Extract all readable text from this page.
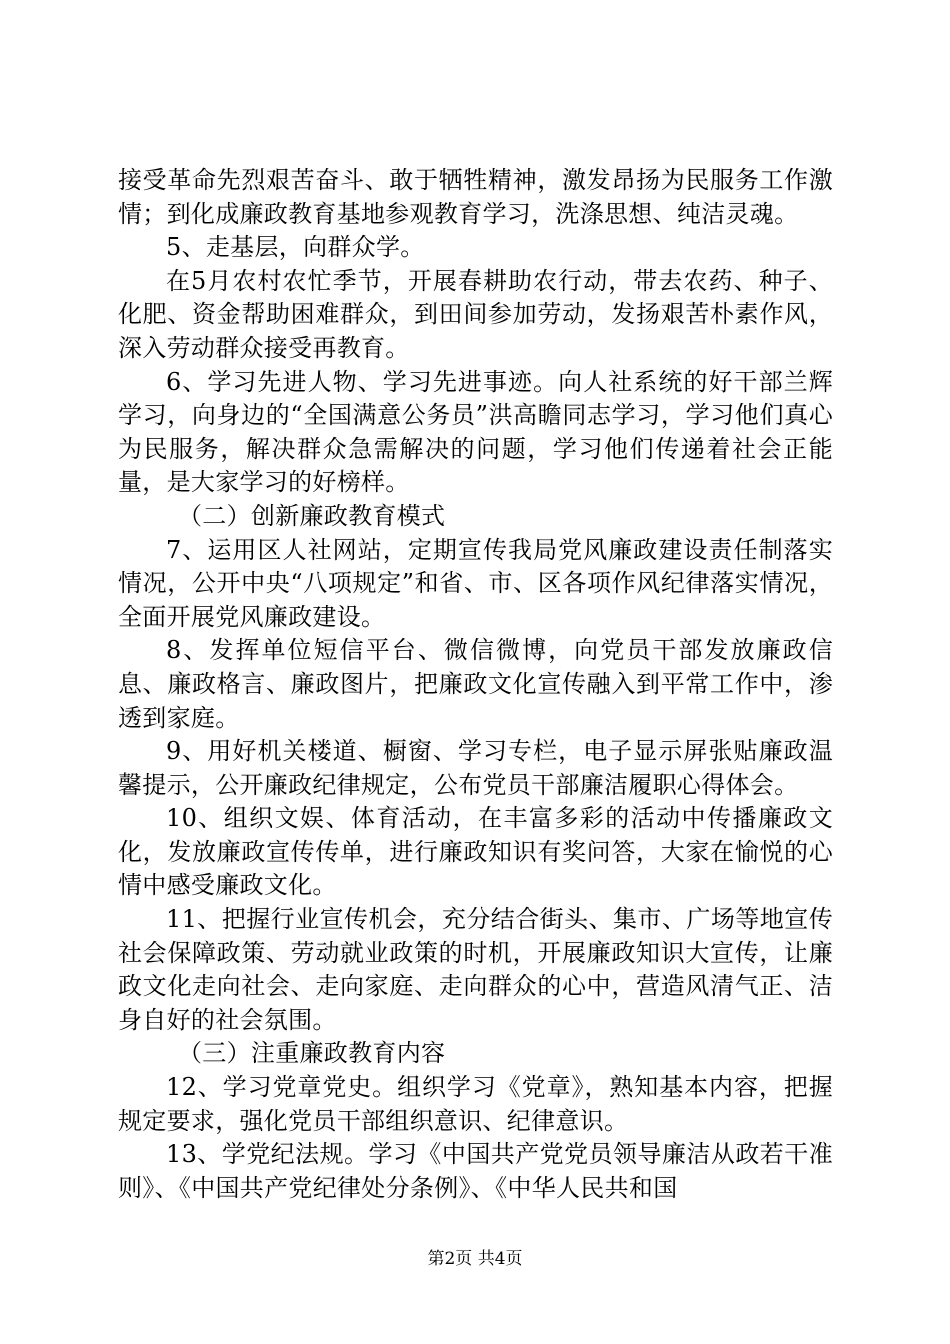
接受革命先烈艰苦奋斗、敢于牺牲精神，激发昂扬为民服务工作激情；到化成廉政教育基地参观教育学习，洗涤思想、纯洁灵魂。

5、走基层，向群众学。

在5月农村农忙季节，开展春耕助农行动，带去农药、种子、化肥、资金帮助困难群众，到田间参加劳动，发扬艰苦朴素作风，深入劳动群众接受再教育。

6、学习先进人物、学习先进事迹。向人社系统的好干部兰辉学习，向身边的“全国满意公务员”洪高瞻同志学习，学习他们真心为民服务，解决群众急需解决的问题，学习他们传递着社会正能量，是大家学习的好榜样。

（二）创新廉政教育模式

7、运用区人社网站，定期宣传我局党风廉政建设责任制落实情况，公开中央“八项规定”和省、市、区各项作风纪律落实情况，全面开展党风廉政建设。

8、发挥单位短信平台、微信微博，向党员干部发放廉政信息、廉政格言、廉政图片，把廉政文化宣传融入到平常工作中，渗透到家庭。

9、用好机关楼道、橱窗、学习专栏，电子显示屏张贴廉政温馨提示，公开廉政纪律规定，公布党员干部廉洁履职心得体会。

10、组织文娱、体育活动，在丰富多彩的活动中传播廉政文化，发放廉政宣传传单，进行廉政知识有奖问答，大家在愉悦的心情中感受廉政文化。

11、把握行业宣传机会，充分结合街头、集市、广场等地宣传社会保障政策、劳动就业政策的时机，开展廉政知识大宣传，让廉政文化走向社会、走向家庭、走向群众的心中，营造风清气正、洁身自好的社会氛围。

（三）注重廉政教育内容

12、学习党章党史。组织学习《党章》，熟知基本内容，把握规定要求，强化党员干部组织意识、纪律意识。

13、学党纪法规。学习《中国共产党党员领导廉洁从政若干准则》、《中国共产党纪律处分条例》、《中华人民共和国

第2页 共4页
